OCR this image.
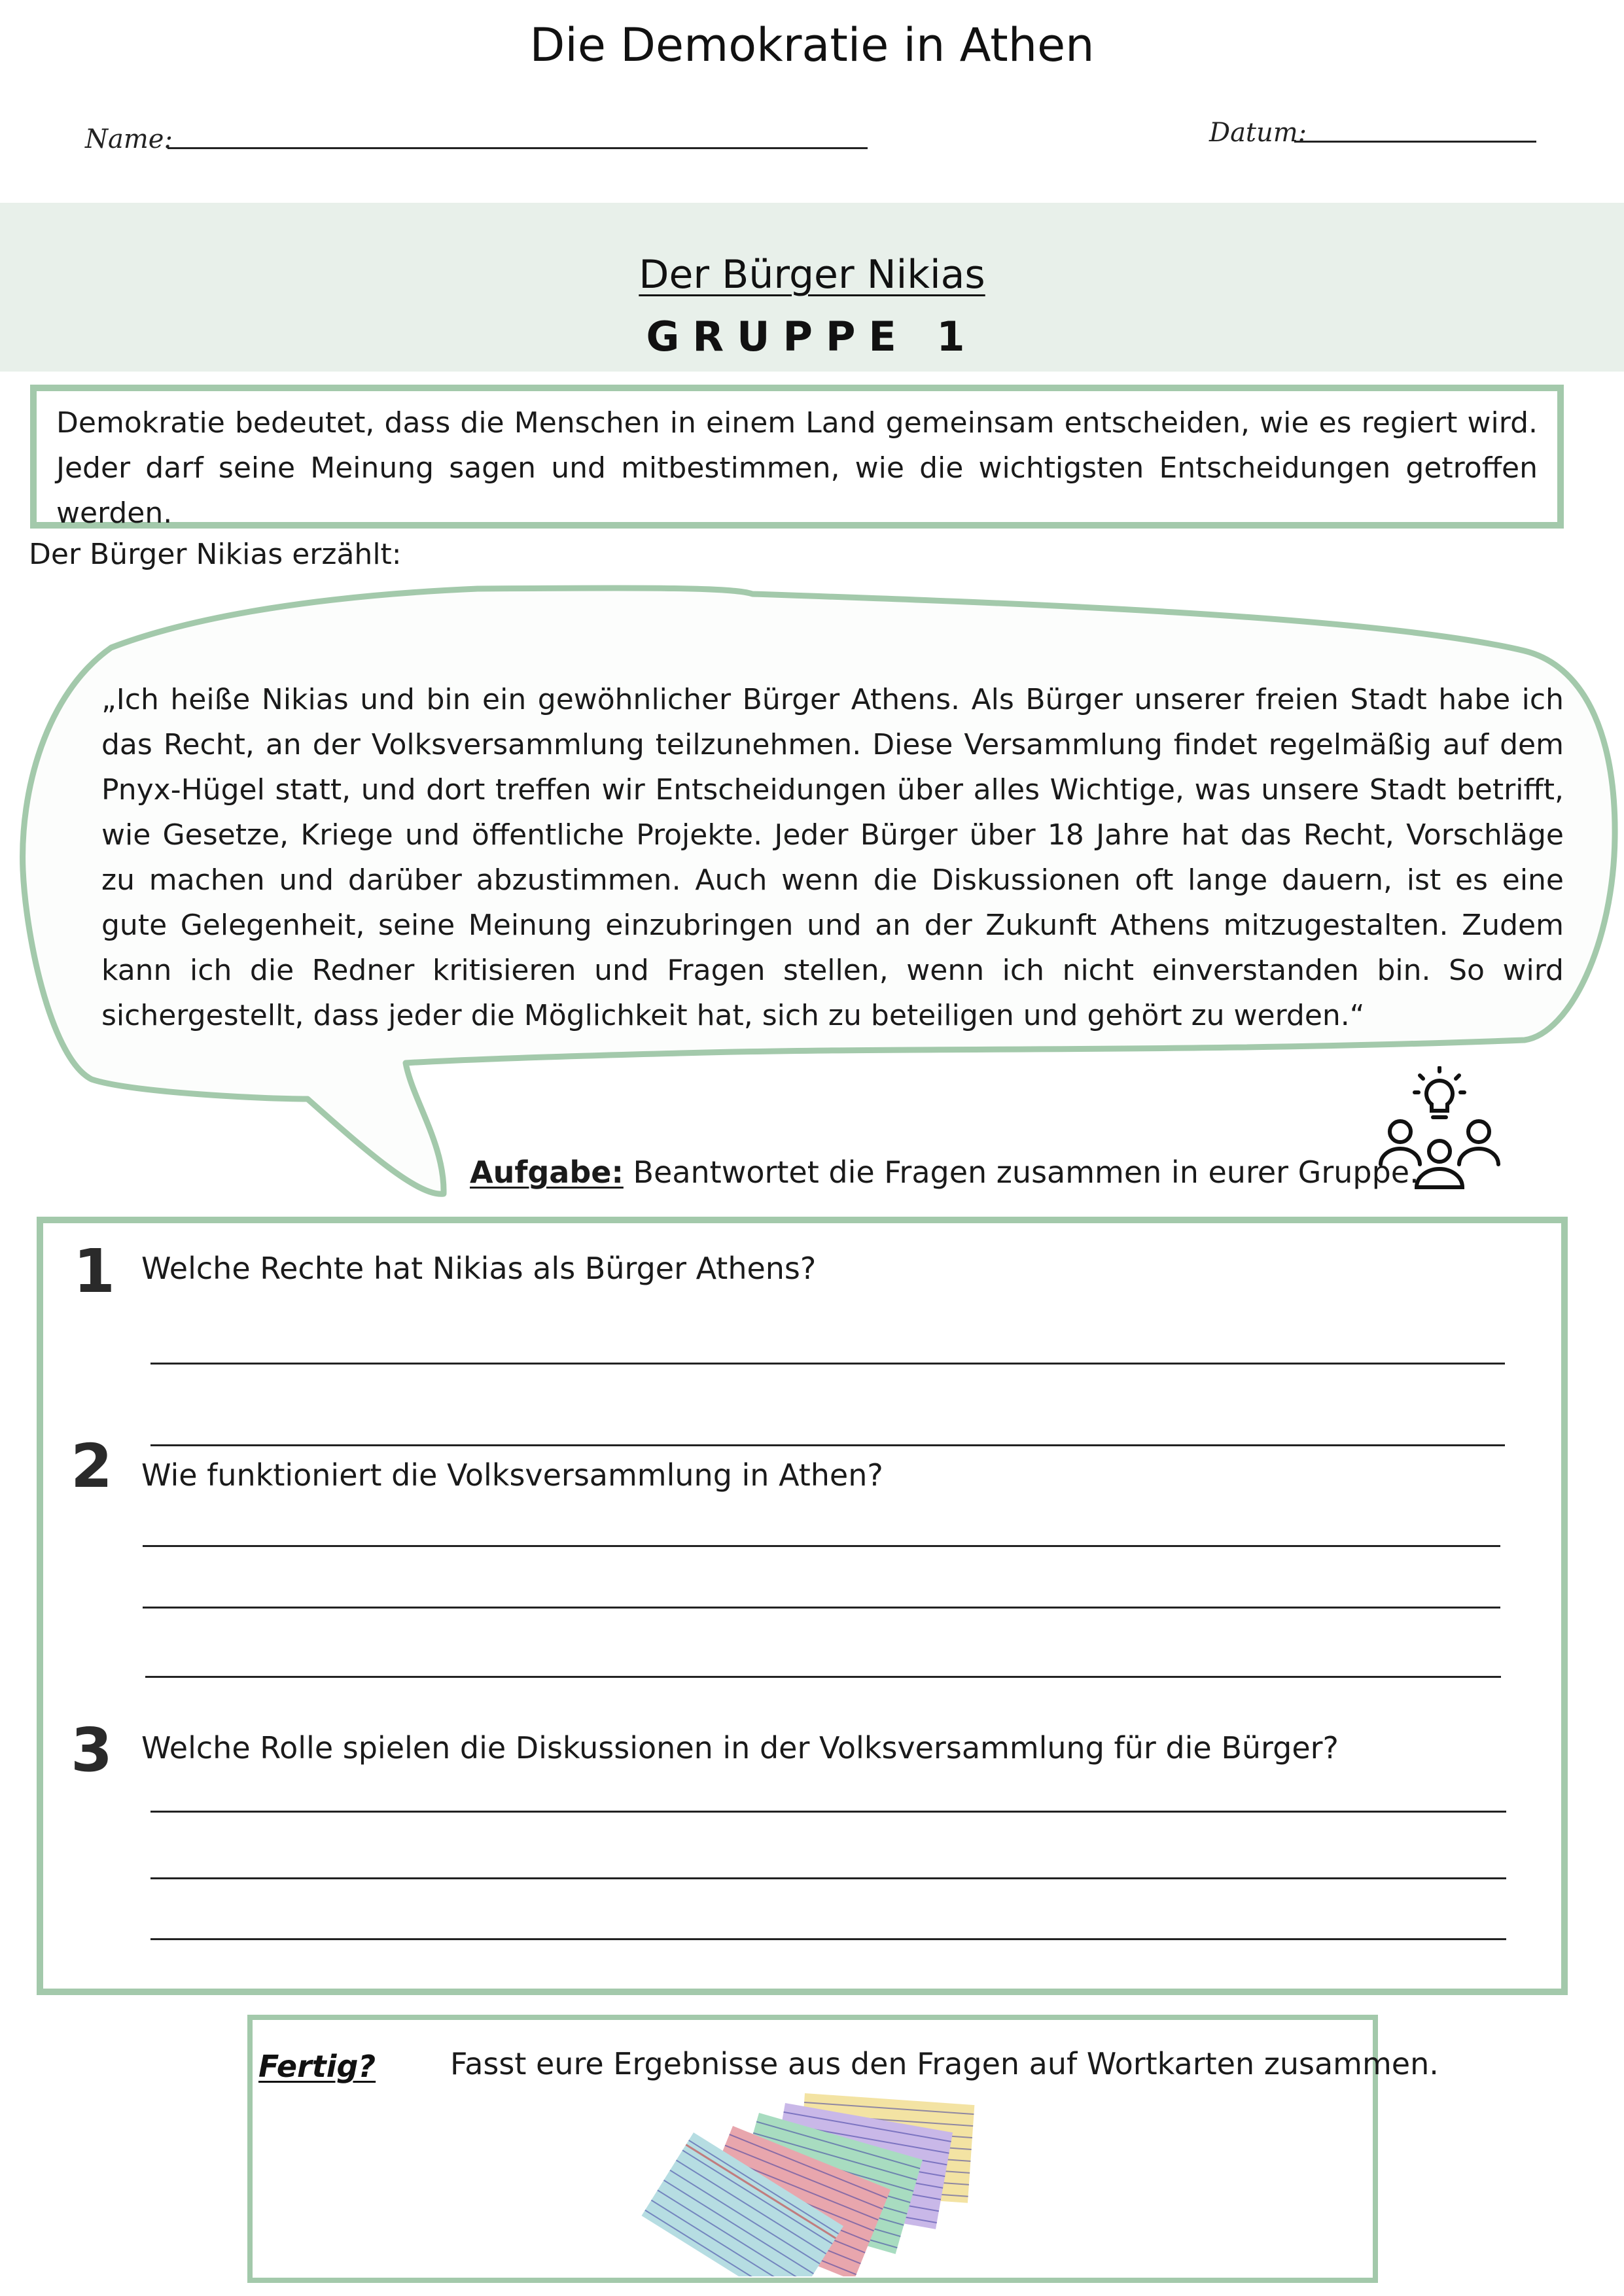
Die Demokratie in Athen
Name:	Datum:
Der Bürger Nikias
GRUPPE 1

Demokratie bedeutet, dass die Menschen in einem Land gemeinsam entscheiden, wie es regiert wird. Jeder darf seine Meinung sagen und mitbestimmen, wie die wichtigsten Entscheidungen getroffen werden.

Der Bürger Nikias erzählt:

„Ich heiße Nikias und bin ein gewöhnlicher Bürger Athens. Als Bürger unserer freien Stadt habe ich das Recht, an der Volksversammlung teilzunehmen. Diese Versammlung findet regelmäßig auf dem Pnyx-Hügel statt, und dort treffen wir Entscheidungen über alles Wichtige, was unsere Stadt betrifft, wie Gesetze, Kriege und öffentliche Projekte. Jeder Bürger über 18 Jahre hat das Recht, Vorschläge zu machen und darüber abzustimmen. Auch wenn die Diskussionen oft lange dauern, ist es eine gute Gelegenheit, seine Meinung einzubringen und an der Zukunft Athens mitzugestalten. Zudem kann ich die Redner kritisieren und Fragen stellen, wenn ich nicht einverstanden bin. So wird sichergestellt, dass jeder die Möglichkeit hat, sich zu beteiligen und gehört zu werden.“

Aufgabe: Beantwortet die Fragen zusammen in eurer Gruppe.
1 Welche Rechte hat Nikias als Bürger Athens?
2 Wie funktioniert die Volksversammlung in Athen?
3 Welche Rolle spielen die Diskussionen in der Volksversammlung für die Bürger?
Fertig? Fasst eure Ergebnisse aus den Fragen auf Wortkarten zusammen.
